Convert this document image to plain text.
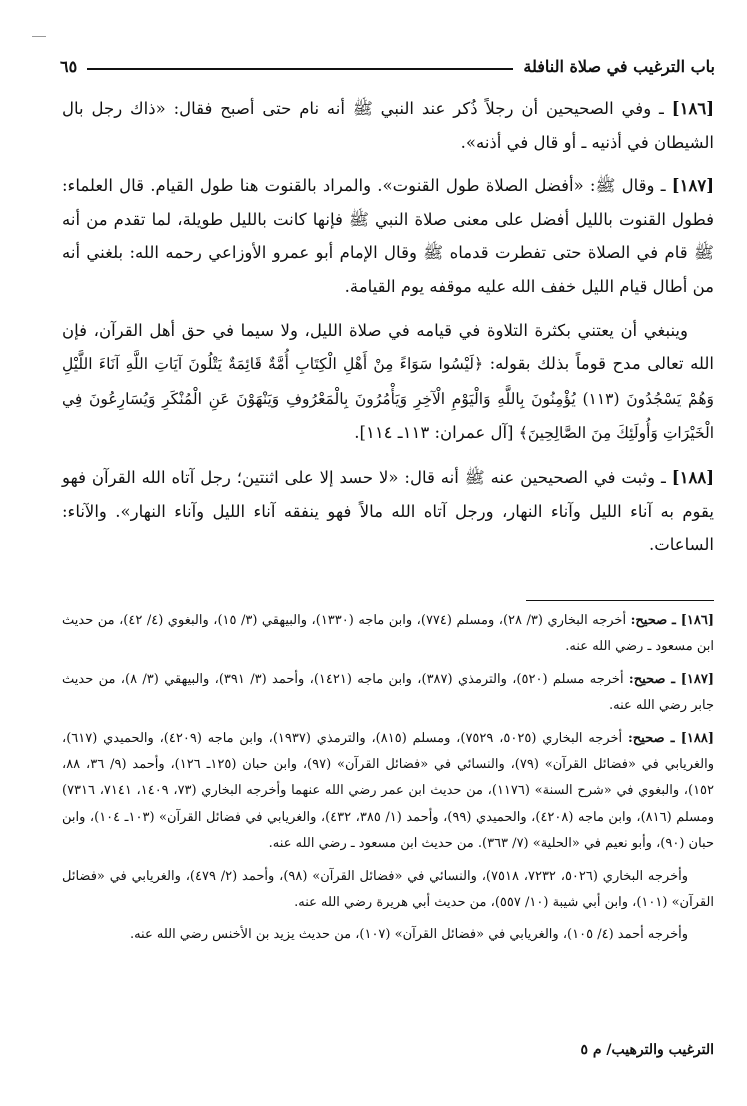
باب الترغيب في صلاة النافلة
٦٥

[١٨٦] ـ وفي الصحيحين أن رجلاً ذُكر عند النبي ﷺ أنه نام حتى أصبح فقال: «ذاك رجل بال الشيطان في أذنيه ـ أو قال في أذنه».

[١٨٧] ـ وقال ﷺ: «أفضل الصلاة طول القنوت». والمراد بالقنوت هنا طول القيام. قال العلماء: فطول القنوت بالليل أفضل على معنى صلاة النبي ﷺ فإنها كانت بالليل طويلة، لما تقدم من أنه ﷺ قام في الصلاة حتى تفطرت قدماه ﷺ وقال الإمام أبو عمرو الأوزاعي رحمه الله: بلغني أنه من أطال قيام الليل خفف الله عليه موقفه يوم القيامة.

وينبغي أن يعتني بكثرة التلاوة في قيامه في صلاة الليل، ولا سيما في حق أهل القرآن، فإن الله تعالى مدح قوماً بذلك بقوله: ﴿لَيْسُوا سَوَاءً مِنْ أَهْلِ الْكِتَابِ أُمَّةٌ قَائِمَةٌ يَتْلُونَ آيَاتِ اللَّهِ آنَاءَ اللَّيْلِ وَهُمْ يَسْجُدُونَ (١١٣) يُؤْمِنُونَ بِاللَّهِ وَالْيَوْمِ الْآخِرِ وَيَأْمُرُونَ بِالْمَعْرُوفِ وَيَنْهَوْنَ عَنِ الْمُنْكَرِ وَيُسَارِعُونَ فِي الْخَيْرَاتِ وَأُولَئِكَ مِنَ الصَّالِحِينَ﴾ [آل عمران: ١١٣ـ ١١٤].

[١٨٨] ـ وثبت في الصحيحين عنه ﷺ أنه قال: «لا حسد إلا على اثنتين؛ رجل آتاه الله القرآن فهو يقوم به آناء الليل وآناء النهار، ورجل آتاه الله مالاً فهو ينفقه آناء الليل وآناء النهار». والآناء: الساعات.

[١٨٦] ـ صحيح: أخرجه البخاري (٣/ ٢٨)، ومسلم (٧٧٤)، وابن ماجه (١٣٣٠)، والبيهقي (٣/ ١٥)، والبغوي (٤/ ٤٢)، من حديث ابن مسعود ـ رضي الله عنه.

[١٨٧] ـ صحيح: أخرجه مسلم (٥٢٠)، والترمذي (٣٨٧)، وابن ماجه (١٤٢١)، وأحمد (٣/ ٣٩١)، والبيهقي (٣/ ٨)، من حديث جابر رضي الله عنه.

[١٨٨] ـ صحيح: أخرجه البخاري (٥٠٢٥، ٧٥٢٩)، ومسلم (٨١٥)، والترمذي (١٩٣٧)، وابن ماجه (٤٢٠٩)، والحميدي (٦١٧)، والغريابي في «فضائل القرآن» (٧٩)، والنسائي في «فضائل القرآن» (٩٧)، وابن حبان (١٢٥ـ ١٢٦)، وأحمد (٩/ ٣٦، ٨٨، ١٥٢)، والبغوي في «شرح السنة» (١١٧٦)، من حديث ابن عمر رضي الله عنهما وأخرجه البخاري (٧٣، ١٤٠٩، ٧١٤١، ٧٣١٦) ومسلم (٨١٦)، وابن ماجه (٤٢٠٨)، والحميدي (٩٩)، وأحمد (١/ ٣٨٥، ٤٣٢)، والغريابي في فضائل القرآن» (١٠٣ـ ١٠٤)، وابن حبان (٩٠)، وأبو نعيم في «الحلية» (٧/ ٣٦٣). من حديث ابن مسعود ـ رضي الله عنه.

وأخرجه البخاري (٥٠٢٦، ٧٢٣٢، ٧٥١٨)، والنسائي في «فضائل القرآن» (٩٨)، وأحمد (٢/ ٤٧٩)، والغريابي في «فضائل القرآن» (١٠١)، وابن أبي شيبة (١٠/ ٥٥٧)، من حديث أبي هريرة رضي الله عنه.

وأخرجه أحمد (٤/ ١٠٥)، والغريابي في «فضائل القرآن» (١٠٧)، من حديث يزيد بن الأخنس رضي الله عنه.

الترغيب والترهيب/ م ٥
